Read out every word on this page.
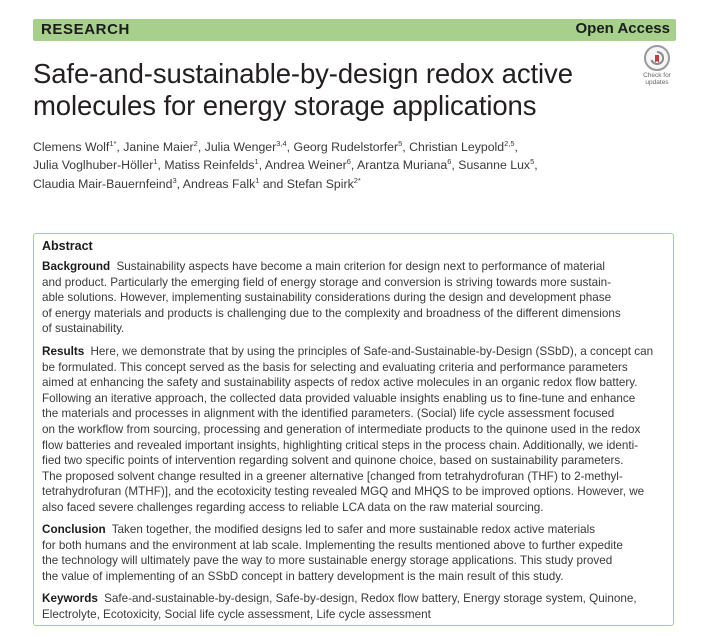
RESEARCH	Open Access
Safe-and-sustainable-by-design redox active molecules for energy storage applications
Check for
updates
Clemens Wolf$^{1*}$, Janine Maier$^2$, Julia Wenger$^{3,4}$, Georg Rudelstorfer$^5$, Christian Leypold$^{2,5}$,
Julia Voglhuber-Höller$^1$, Matiss Reinfelds$^1$, Andrea Weiner$^6$, Arantza Muriana$^6$, Susanne Lux$^5$,
Claudia Mair-Bauernfeind$^3$, Andreas Falk$^1$ and Stefan Spirk$^{2*}$
Abstract

Background Sustainability aspects have become a main criterion for design next to performance of material
and product. Particularly the emerging field of energy storage and conversion is striving towards more sustain-
able solutions. However, implementing sustainability considerations during the design and development phase
of energy materials and products is challenging due to the complexity and broadness of the different dimensions
of sustainability.

Results Here, we demonstrate that by using the principles of Safe-and-Sustainable-by-Design (SSbD), a concept can
be formulated. This concept served as the basis for selecting and evaluating criteria and performance parameters
aimed at enhancing the safety and sustainability aspects of redox active molecules in an organic redox flow battery.
Following an iterative approach, the collected data provided valuable insights enabling us to fine-tune and enhance
the materials and processes in alignment with the identified parameters. (Social) life cycle assessment focused
on the workflow from sourcing, processing and generation of intermediate products to the quinone used in the redox
flow batteries and revealed important insights, highlighting critical steps in the process chain. Additionally, we identi-
fied two specific points of intervention regarding solvent and quinone choice, based on sustainability parameters.
The proposed solvent change resulted in a greener alternative [changed from tetrahydrofuran (THF) to 2-methyl-
tetrahydrofuran (MTHF)], and the ecotoxicity testing revealed MGQ and MHQS to be improved options. However, we
also faced severe challenges regarding access to reliable LCA data on the raw material sourcing.

Conclusion Taken together, the modified designs led to safer and more sustainable redox active materials
for both humans and the environment at lab scale. Implementing the results mentioned above to further expedite
the technology will ultimately pave the way to more sustainable energy storage applications. This study proved
the value of implementing of an SSbD concept in battery development is the main result of this study.

Keywords Safe-and-sustainable-by-design, Safe-by-design, Redox flow battery, Energy storage system, Quinone,
Electrolyte, Ecotoxicity, Social life cycle assessment, Life cycle assessment
